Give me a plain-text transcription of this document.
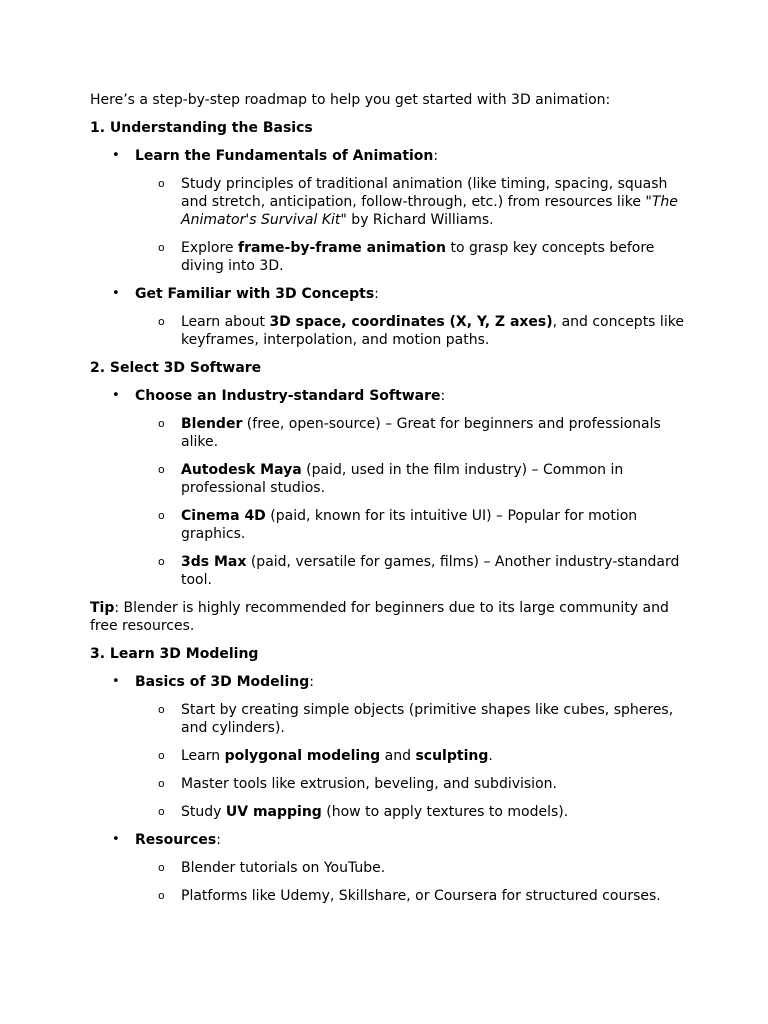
Here’s a step-by-step roadmap to help you get started with 3D animation:

1. Understanding the Basics

• Learn the Fundamentals of Animation:
o Study principles of traditional animation (like timing, spacing, squash and stretch, anticipation, follow-through, etc.) from resources like "The Animator's Survival Kit" by Richard Williams.
o Explore frame-by-frame animation to grasp key concepts before diving into 3D.
• Get Familiar with 3D Concepts:
o Learn about 3D space, coordinates (X, Y, Z axes), and concepts like keyframes, interpolation, and motion paths.

2. Select 3D Software

• Choose an Industry-standard Software:
o Blender (free, open-source) – Great for beginners and professionals alike.
o Autodesk Maya (paid, used in the film industry) – Common in professional studios.
o Cinema 4D (paid, known for its intuitive UI) – Popular for motion graphics.
o 3ds Max (paid, versatile for games, films) – Another industry-standard tool.

Tip: Blender is highly recommended for beginners due to its large community and free resources.

3. Learn 3D Modeling

• Basics of 3D Modeling:
o Start by creating simple objects (primitive shapes like cubes, spheres, and cylinders).
o Learn polygonal modeling and sculpting.
o Master tools like extrusion, beveling, and subdivision.
o Study UV mapping (how to apply textures to models).
• Resources:
o Blender tutorials on YouTube.
o Platforms like Udemy, Skillshare, or Coursera for structured courses.
